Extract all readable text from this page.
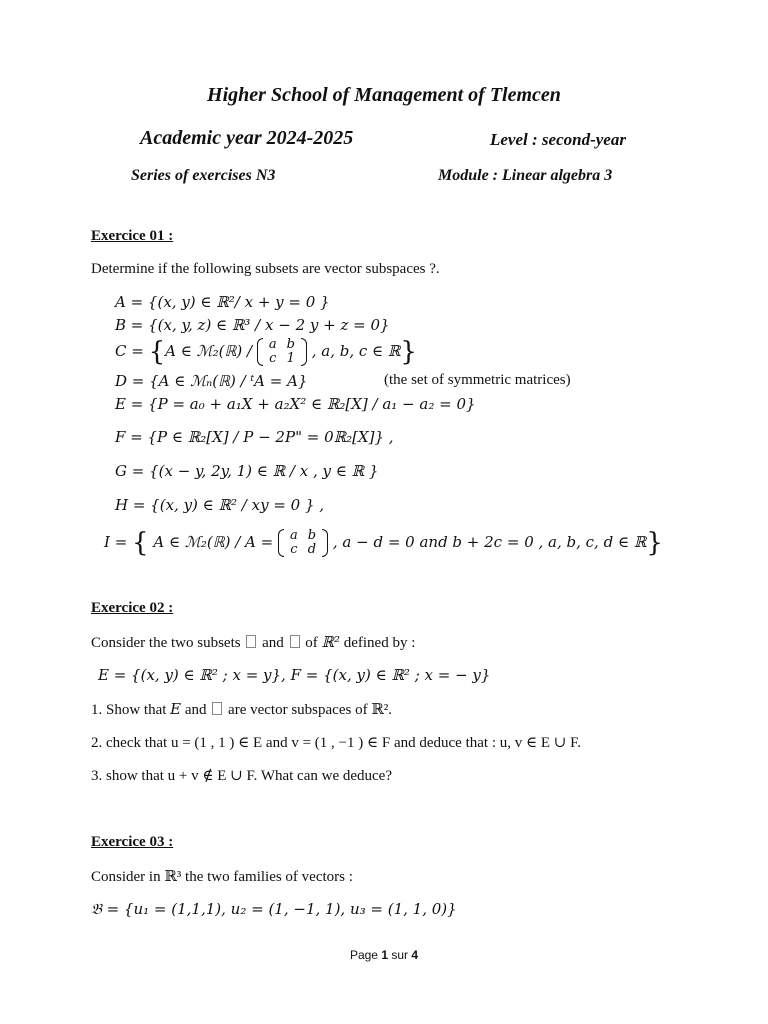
Higher School of Management of Tlemcen
Academic year 2024-2025	Level : second-year
Series of exercises N3	Module : Linear algebra 3
Exercice 01 :
Determine if the following subsets are vector subspaces ?.
A = {(x, y) ∈ ℝ²/ x + y = 0 }
B = {(x, y, z) ∈ ℝ³ / x − 2 y + z = 0}
C = {A ∈ ℳ₂(ℝ) / a	b
c	1 , a, b, c ∈ ℝ}
D = {A ∈ ℳₙ(ℝ) / ᵗA = A}	(the set of symmetric matrices)
E = {P = a₀ + a₁X + a₂X² ∈ ℝ₂[X] / a₁ − a₂ = 0}
F = {P ∈ ℝ₂[X] / P − 2P" = 0ℝ₂[X]} ,
G = {(x − y, 2y, 1) ∈ ℝ / x , y ∈ ℝ }
H = {(x, y) ∈ ℝ² / xy = 0 } ,
I = { A ∈ ℳ₂(ℝ) / A = a	b
c	d , a − d = 0 and b + 2c = 0 , a, b, c, d ∈ ℝ}
Exercice 02 :
Consider the two subsets and of ℝ² defined by :
E = {(x, y) ∈ ℝ² ; x = y}, F = {(x, y) ∈ ℝ² ; x = − y}
1. Show that E and are vector subspaces of ℝ².
2. check that u = (1 , 1 ) ∈ E and v = (1 , −1 ) ∈ F and deduce that : u, v ∈ E ∪ F.
3. show that u + v ∉ E ∪ F. What can we deduce?
Exercice 03 :
Consider in ℝ³ the two families of vectors :
𝔅 = {u₁ = (1,1,1), u₂ = (1, −1, 1), u₃ = (1, 1, 0)}
Page 1 sur 4
